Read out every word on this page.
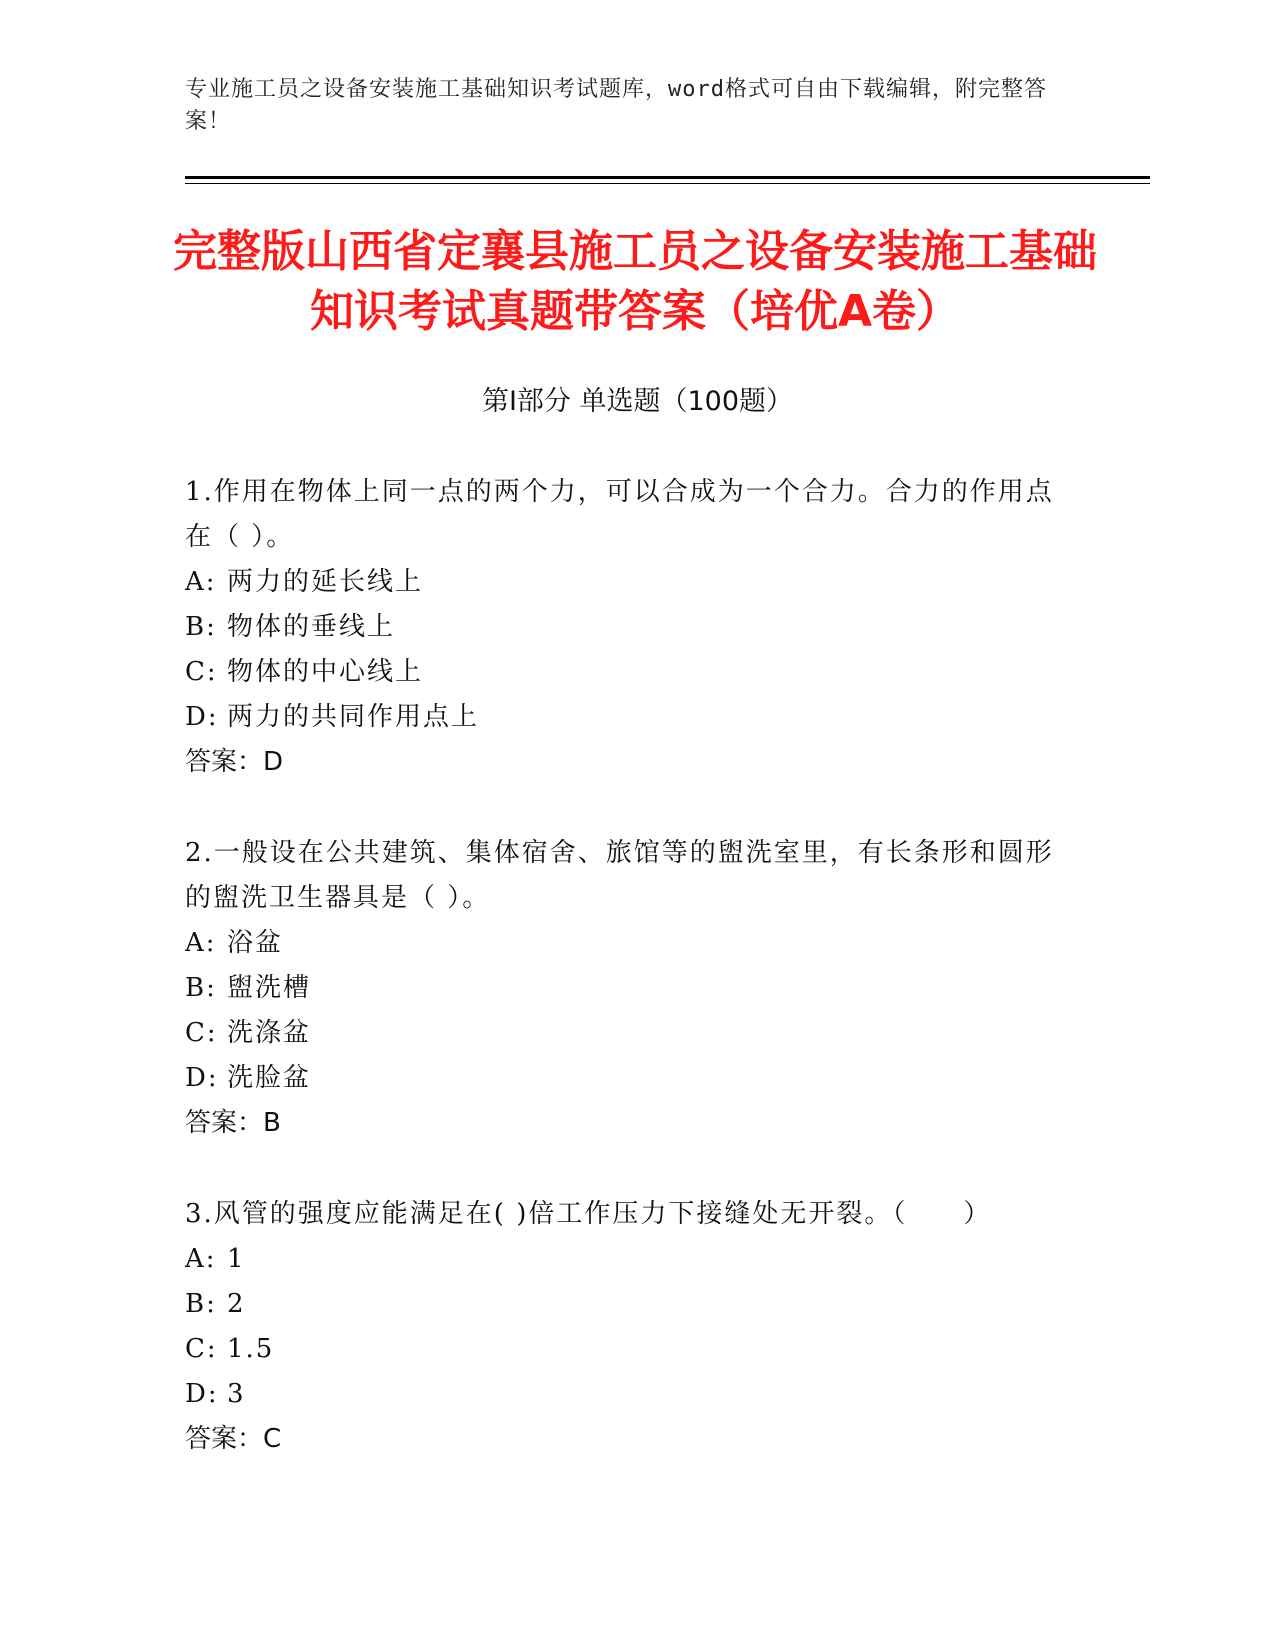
专业施工员之设备安装施工基础知识考试题库，word格式可自由下载编辑，附完整答案！
完整版山西省定襄县施工员之设备安装施工基础知识考试真题带答案（培优A卷）
第Ⅰ部分 单选题（100题）

1.作用在物体上同一点的两个力，可以合成为一个合力。合力的作用点在（ ）。

A: 两力的延长线上
B: 物体的垂线上
C: 物体的中心线上
D: 两力的共同作用点上
答案：D

2.一般设在公共建筑、集体宿舍、旅馆等的盥洗室里，有长条形和圆形的盥洗卫生器具是（ ）。

A: 浴盆
B: 盥洗槽
C: 洗涤盆
D: 洗脸盆
答案：B

3.风管的强度应能满足在( )倍工作压力下接缝处无开裂。（　　）

A: 1
B: 2
C: 1.5
D: 3
答案：C
